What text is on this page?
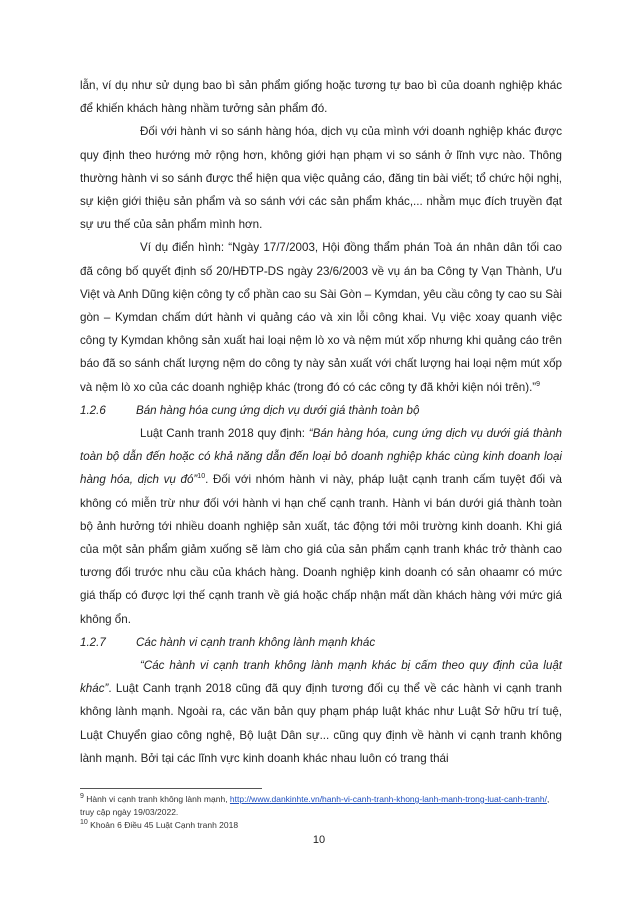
lẫn, ví dụ như sử dụng bao bì sản phẩm giống hoặc tương tự bao bì của doanh nghiệp khác để khiến khách hàng nhầm tưởng sản phẩm đó.

Đối với hành vi so sánh hàng hóa, dịch vụ của mình với doanh nghiệp khác được quy định theo hướng mở rộng hơn, không giới hạn phạm vi so sánh ở lĩnh vực nào. Thông thường hành vi so sánh được thể hiện qua việc quảng cáo, đăng tin bài viết; tổ chức hội nghị, sự kiện giới thiệu sản phẩm và so sánh với các sản phẩm khác,... nhằm mục đích truyền đạt sự ưu thế của sản phẩm mình hơn.

Ví dụ điển hình: “Ngày 17/7/2003, Hội đồng thẩm phán Toà án nhân dân tối cao đã công bố quyết định số 20/HĐTP-DS ngày 23/6/2003 về vụ án ba Công ty Vạn Thành, Ưu Việt và Anh Dũng kiện công ty cổ phần cao su Sài Gòn – Kymdan, yêu cầu công ty cao su Sài gòn – Kymdan chấm dứt hành vi quảng cáo và xin lỗi công khai. Vụ việc xoay quanh việc công ty Kymdan không sản xuất hai loại nệm lò xo và nệm mút xốp nhưng khi quảng cáo trên báo đã so sánh chất lượng nệm do công ty này sản xuất với chất lượng hai loại nệm mút xốp và nệm lò xo của các doanh nghiệp khác (trong đó có các công ty đã khởi kiện nói trên).”$^9$

1.2.6	Bán hàng hóa cung ứng dịch vụ dưới giá thành toàn bộ

Luật Canh tranh 2018 quy định: “Bán hàng hóa, cung ứng dịch vụ dưới giá thành toàn bộ dẫn đến hoặc có khả năng dẫn đến loại bỏ doanh nghiệp khác cùng kinh doanh loại hàng hóa, dịch vụ đó”$^{10}$. Đối với nhóm hành vi này, pháp luật cạnh tranh cấm tuyệt đối và không có miễn trừ như đối với hành vi hạn chế cạnh tranh. Hành vi bán dưới giá thành toàn bộ ảnh hưởng tới nhiều doanh nghiệp sản xuất, tác động tới môi trường kinh doanh. Khi giá của một sản phẩm giảm xuống sẽ làm cho giá của sản phẩm cạnh tranh khác trở thành cao tương đối trước nhu cầu của khách hàng. Doanh nghiệp kinh doanh có sản ohaamr có mức giá thấp có được lợi thế cạnh tranh về giá hoặc chấp nhận mất dần khách hàng với mức giá không ổn.

1.2.7	Các hành vi cạnh tranh không lành mạnh khác

“Các hành vi cạnh tranh không lành mạnh khác bị cấm theo quy định của luật khác”. Luật Canh trạnh 2018 cũng đã quy định tương đối cụ thể về các hành vi cạnh tranh không lành mạnh. Ngoài ra, các văn bản quy phạm pháp luật khác như Luật Sở hữu trí tuệ, Luật Chuyển giao công nghệ, Bộ luật Dân sự... cũng quy định về hành vi cạnh tranh không lành mạnh. Bởi tại các lĩnh vực kinh doanh khác nhau luôn có trang thái

$^9$ Hành vi cạnh tranh không lành mạnh, http://www.dankinhte.vn/hanh-vi-canh-tranh-khong-lanh-manh-trong-luat-canh-tranh/, truy cập ngày 19/03/2022.

$^{10}$ Khoản 6 Điều 45 Luật Cạnh tranh 2018

10
